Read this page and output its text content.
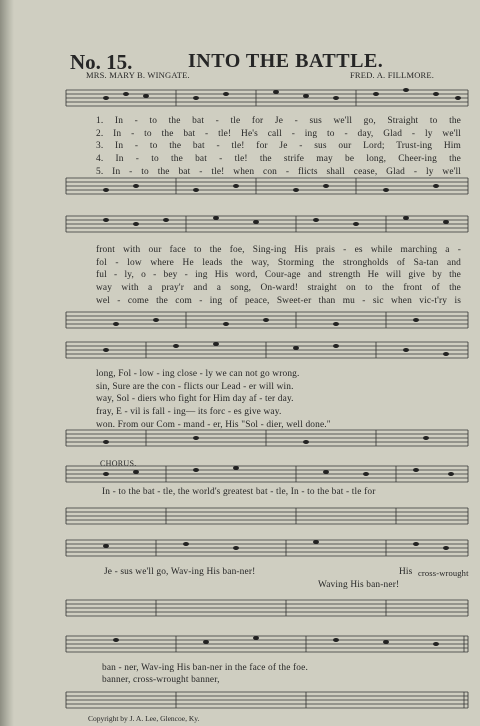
No. 15.	INTO THE BATTLE.
MRS. MARY B. WINGATE.	FRED. A. FILLMORE.
1. In - to the bat - tle for Je - sus we'll go, Straight to the
2. In - to the bat - tle! He's call - ing to - day, Glad - ly we'll
3. In - to the bat - tle! for Je - sus our Lord; Trust-ing Him
4. In - to the bat - tle! the strife may be long, Cheer-ing the
5. In - to the bat - tle! when con - flicts shall cease, Glad - ly we'll
front with our face to the foe, Sing-ing His prais - es while marching a -
fol - low where He leads the way, Storming the strongholds of Sa-tan and
ful - ly, o - bey - ing His word, Cour-age and strength He will give by the
way with a pray'r and a song, On-ward! straight on to the front of the
wel - come the com - ing of peace, Sweet-er than mu - sic when vic-t'ry is
long, Fol - low - ing close - ly we can not go wrong.
sin, Sure are the con - flicts our Lead - er will win.
way, Sol - diers who fight for Him day af - ter day.
fray, E - vil is fall - ing— its forc - es give way.
won. From our Com - mand - er, His "Sol - dier, well done."
CHORUS.
In - to the bat - tle, the world's greatest bat - tle, In - to the bat - tle for
Je - sus we'll go, Wav-ing His ban-ner!	His cross-wrought
Waving His ban-ner!
ban - ner, Wav-ing His ban-ner in the face of the foe.
banner, cross-wrought banner,
Copyright by J. A. Lee, Glencoe, Ky.
